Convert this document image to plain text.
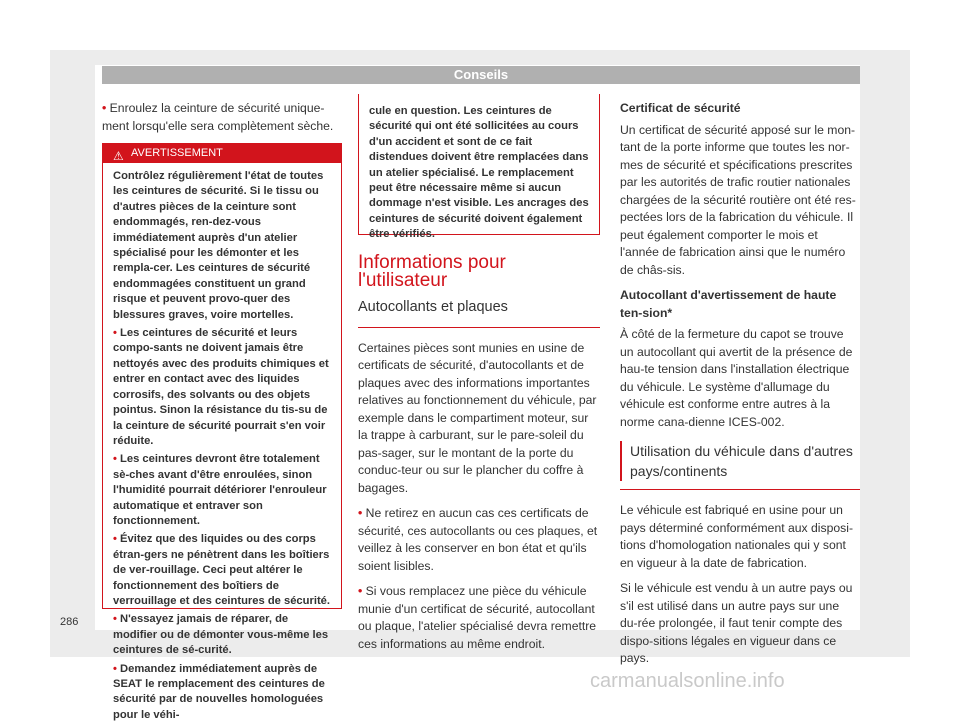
Conseils

• Enroulez la ceinture de sécurité unique-ment lorsqu'elle sera complètement sèche.

⚠ AVERTISSEMENT

Contrôlez régulièrement l'état de toutes les ceintures de sécurité. Si le tissu ou d'autres pièces de la ceinture sont endommagés, ren-dez-vous immédiatement auprès d'un atelier spécialisé pour les démonter et les rempla-cer. Les ceintures de sécurité endommagées constituent un grand risque et peuvent provo-quer des blessures graves, voire mortelles.

• Les ceintures de sécurité et leurs compo-sants ne doivent jamais être nettoyés avec des produits chimiques et entrer en contact avec des liquides corrosifs, des solvants ou des objets pointus. Sinon la résistance du tis-su de la ceinture de sécurité pourrait s'en voir réduite.

• Les ceintures devront être totalement sè-ches avant d'être enroulées, sinon l'humidité pourrait détériorer l'enrouleur automatique et entraver son fonctionnement.

• Évitez que des liquides ou des corps étran-gers ne pénètrent dans les boîtiers de ver-rouillage. Ceci peut altérer le fonctionnement des boîtiers de verrouillage et des ceintures de sécurité.

• N'essayez jamais de réparer, de modifier ou de démonter vous-même les ceintures de sé-curité.

• Demandez immédiatement auprès de SEAT le remplacement des ceintures de sécurité par de nouvelles homologuées pour le véhi-

cule en question. Les ceintures de sécurité qui ont été sollicitées au cours d'un accident et sont de ce fait distendues doivent être remplacées dans un atelier spécialisé. Le remplacement peut être nécessaire même si aucun dommage n'est visible. Les ancrages des ceintures de sécurité doivent également être vérifiés.
Informations pour l'utilisateur
Autocollants et plaques

Certaines pièces sont munies en usine de certificats de sécurité, d'autocollants et de plaques avec des informations importantes relatives au fonctionnement du véhicule, par exemple dans le compartiment moteur, sur la trappe à carburant, sur le pare-soleil du pas-sager, sur le montant de la porte du conduc-teur ou sur le plancher du coffre à bagages.

• Ne retirez en aucun cas ces certificats de sécurité, ces autocollants ou ces plaques, et veillez à les conserver en bon état et qu'ils soient lisibles.

• Si vous remplacez une pièce du véhicule munie d'un certificat de sécurité, autocollant ou plaque, l'atelier spécialisé devra remettre ces informations au même endroit.

Certificat de sécurité

Un certificat de sécurité apposé sur le mon-tant de la porte informe que toutes les nor-mes de sécurité et spécifications prescrites par les autorités de trafic routier nationales chargées de la sécurité routière ont été res-pectées lors de la fabrication du véhicule. Il peut également comporter le mois et l'année de fabrication ainsi que le numéro de châs-sis.

Autocollant d'avertissement de haute ten-sion*

À côté de la fermeture du capot se trouve un autocollant qui avertit de la présence de hau-te tension dans l'installation électrique du véhicule. Le système d'allumage du véhicule est conforme entre autres à la norme cana-dienne ICES-002.

Utilisation du véhicule dans d'autres pays/continents

Le véhicule est fabriqué en usine pour un pays déterminé conformément aux disposi-tions d'homologation nationales qui y sont en vigueur à la date de fabrication.

Si le véhicule est vendu à un autre pays ou s'il est utilisé dans un autre pays sur une du-rée prolongée, il faut tenir compte des dispo-sitions légales en vigueur dans ce pays.

286
carmanualsonline.info
